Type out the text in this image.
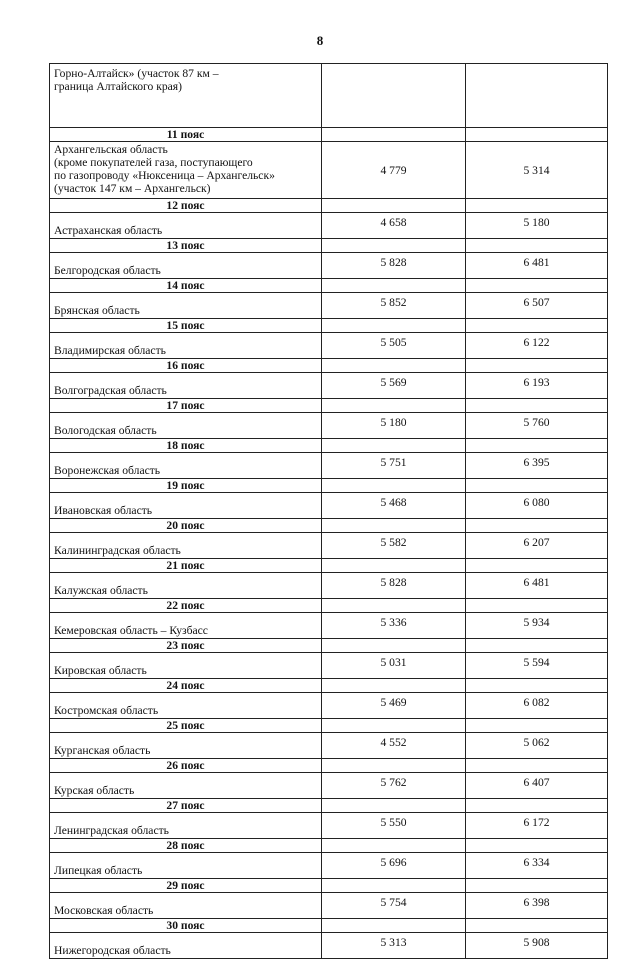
8
Горно-Алтайск» (участок 87 км –
граница Алтайского края)		

11 пояс		

Архангельская область
(кроме покупателей газа, поступающего
по газопроводу «Нюксеница – Архангельск»
(участок 147 км – Архангельск)	4 779	5 314
12 пояс		
Астраханская область	4 658	5 180
13 пояс		
Белгородская область	5 828	6 481
14 пояс		
Брянская область	5 852	6 507
15 пояс		
Владимирская область	5 505	6 122
16 пояс		
Волгоградская область	5 569	6 193
17 пояс		
Вологодская область	5 180	5 760
18 пояс		
Воронежская область	5 751	6 395
19 пояс		
Ивановская область	5 468	6 080
20 пояс		
Калининградская область	5 582	6 207
21 пояс		
Калужская область	5 828	6 481
22 пояс		
Кемеровская область – Кузбасс	5 336	5 934
23 пояс		
Кировская область	5 031	5 594
24 пояс		
Костромская область	5 469	6 082
25 пояс		
Курганская область	4 552	5 062
26 пояс		
Курская область	5 762	6 407
27 пояс		
Ленинградская область	5 550	6 172
28 пояс		
Липецкая область	5 696	6 334
29 пояс		
Московская область	5 754	6 398
30 пояс		
Нижегородская область	5 313	5 908
